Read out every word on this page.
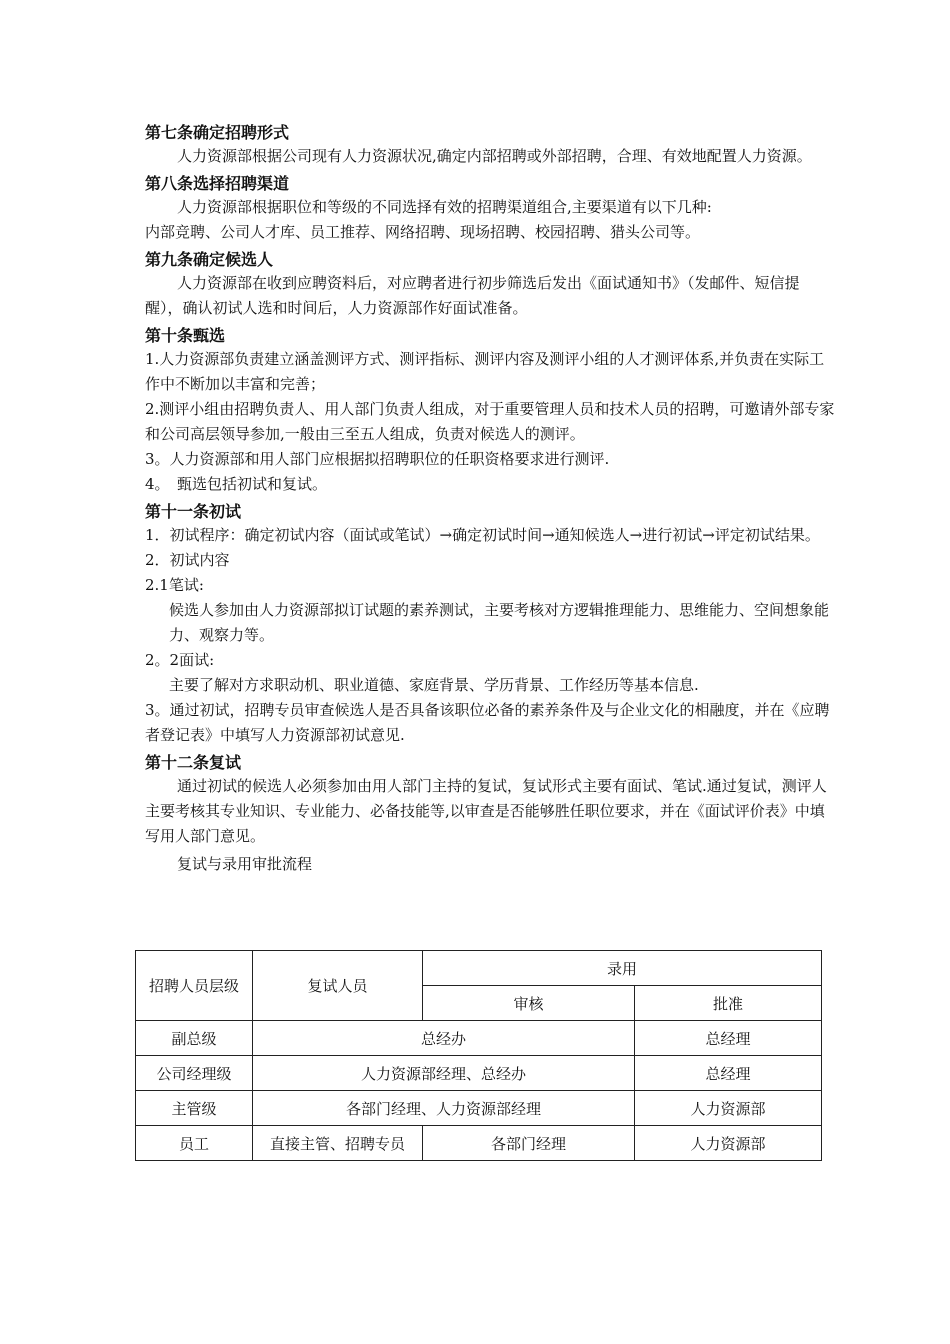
第七条确定招聘形式

人力资源部根据公司现有人力资源状况,确定内部招聘或外部招聘，合理、有效地配置人力资源。

第八条选择招聘渠道

人力资源部根据职位和等级的不同选择有效的招聘渠道组合,主要渠道有以下几种:

内部竞聘、公司人才库、员工推荐、网络招聘、现场招聘、校园招聘、猎头公司等。

第九条确定候选人

人力资源部在收到应聘资料后，对应聘者进行初步筛选后发出《面试通知书》（发邮件、短信提醒），确认初试人选和时间后，人力资源部作好面试准备。

第十条甄选

1.人力资源部负责建立涵盖测评方式、测评指标、测评内容及测评小组的人才测评体系,并负责在实际工作中不断加以丰富和完善；

2.测评小组由招聘负责人、用人部门负责人组成，对于重要管理人员和技术人员的招聘，可邀请外部专家和公司高层领导参加,一般由三至五人组成，负责对候选人的测评。

3。人力资源部和用人部门应根据拟招聘职位的任职资格要求进行测评.

4。　甄选包括初试和复试。

第十一条初试

1．初试程序：确定初试内容（面试或笔试）→确定初试时间→通知候选人→进行初试→评定初试结果。

2．初试内容

2.1笔试:

候选人参加由人力资源部拟订试题的素养测试，主要考核对方逻辑推理能力、思维能力、空间想象能力、观察力等。

2。2面试:

主要了解对方求职动机、职业道德、家庭背景、学历背景、工作经历等基本信息.

3。通过初试，招聘专员审查候选人是否具备该职位必备的素养条件及与企业文化的相融度，并在《应聘者登记表》中填写人力资源部初试意见.

第十二条复试

通过初试的候选人必须参加由用人部门主持的复试，复试形式主要有面试、笔试.通过复试，测评人主要考核其专业知识、专业能力、必备技能等,以审查是否能够胜任职位要求，并在《面试评价表》中填写用人部门意见。

复试与录用审批流程

招聘人员层级	复试人员	录用	
		审核	批准
副总级	总经办		总经理
公司经理级	人力资源部经理、总经办		总经理
主管级	各部门经理、人力资源部经理		人力资源部
员工	直接主管、招聘专员	各部门经理	人力资源部
